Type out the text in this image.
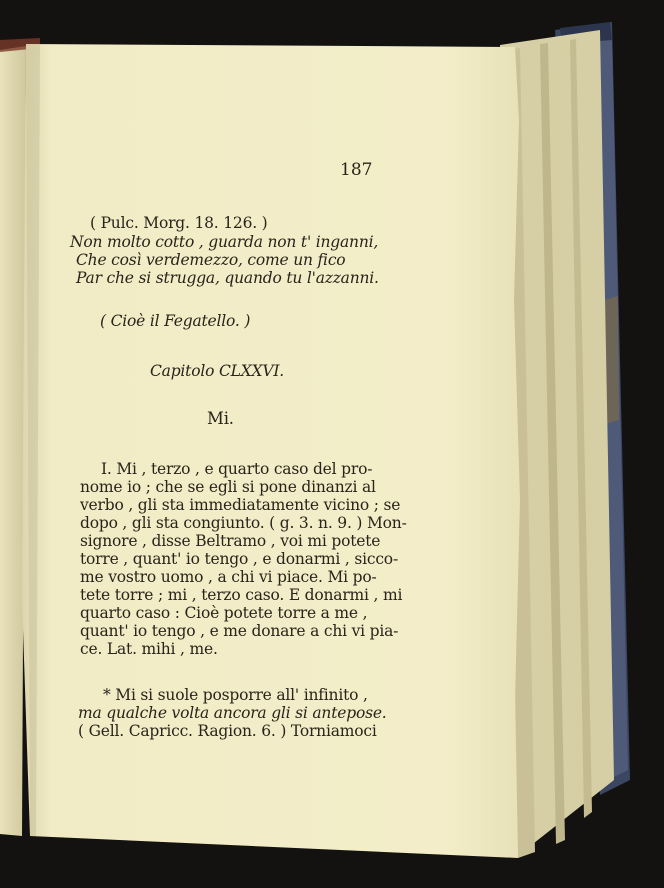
187
( Pulc. Morg. 18. 126. )
Non molto cotto , guarda non t' inganni,
Che così verdemezzo, come un fico
Par che si strugga, quando tu l'azzanni.
( Cioè il Fegatello. )
Capitolo CLXXVI.
Mi.
I. Mi , terzo , e quarto caso del pro-
nome io ; che se egli si pone dinanzi al
verbo , gli sta immediatamente vicino ; se
dopo , gli sta congiunto. ( g. 3. n. 9. ) Mon-
signore , disse Beltramo , voi mi potete
torre , quant' io tengo , e donarmi , sicco-
me vostro uomo , a chi vi piace. Mi po-
tete torre ; mi , terzo caso. E donarmi , mi
quarto caso : Cioè potete torre a me ,
quant' io tengo , e me donare a chi vi pia-
ce. Lat. mihi , me.
* Mi si suole posporre all' infinito ,
ma qualche volta ancora gli si antepose.
( Gell. Capricc. Ragion. 6. ) Torniamoci
